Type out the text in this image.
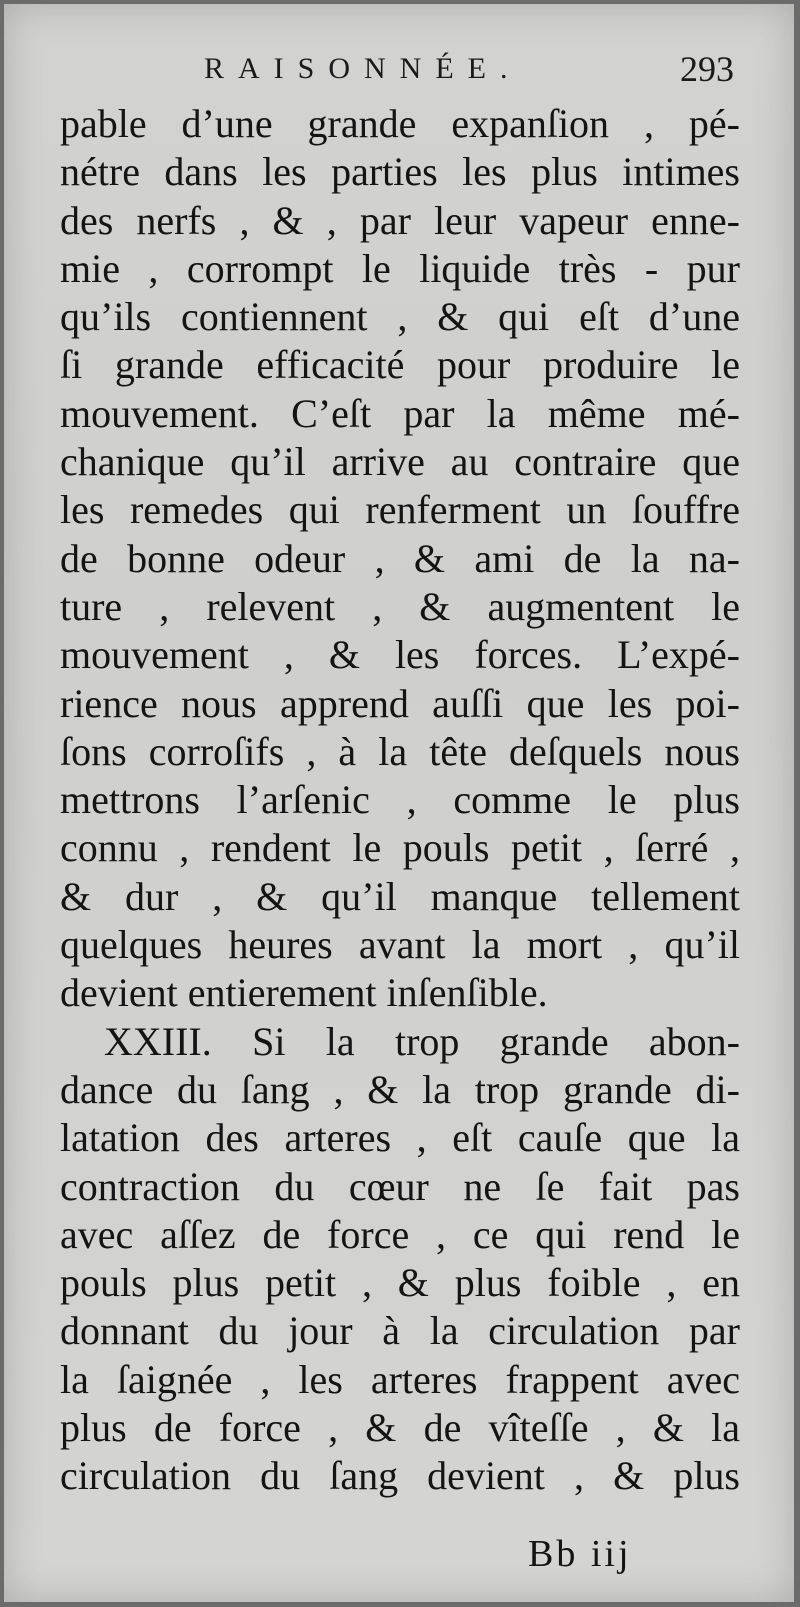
RAISONNÉE.	293
pable d’une grande expanſion , pé-
nétre dans les parties les plus intimes
des nerfs , & , par leur vapeur enne-
mie , corrompt le liquide très - pur
qu’ils contiennent , & qui eſt d’une
ſi grande efficacité pour produire le
mouvement. C’eſt par la même mé-
chanique qu’il arrive au contraire que
les remedes qui renferment un ſouffre
de bonne odeur , & ami de la na-
ture , relevent , & augmentent le
mouvement , & les forces. L’expé-
rience nous apprend auſſi que les poi-
ſons corroſifs , à la tête deſquels nous
mettrons l’arſenic , comme le plus
connu , rendent le pouls petit , ſerré ,
& dur , & qu’il manque tellement
quelques heures avant la mort , qu’il
devient entierement inſenſible.
XXIII. Si la trop grande abon-
dance du ſang , & la trop grande di-
latation des arteres , eſt cauſe que la
contraction du cœur ne ſe fait pas
avec aſſez de force , ce qui rend le
pouls plus petit , & plus foible , en
donnant du jour à la circulation par
la ſaignée , les arteres frappent avec
plus de force , & de vîteſſe , & la
circulation du ſang devient , & plus
Bb iij
